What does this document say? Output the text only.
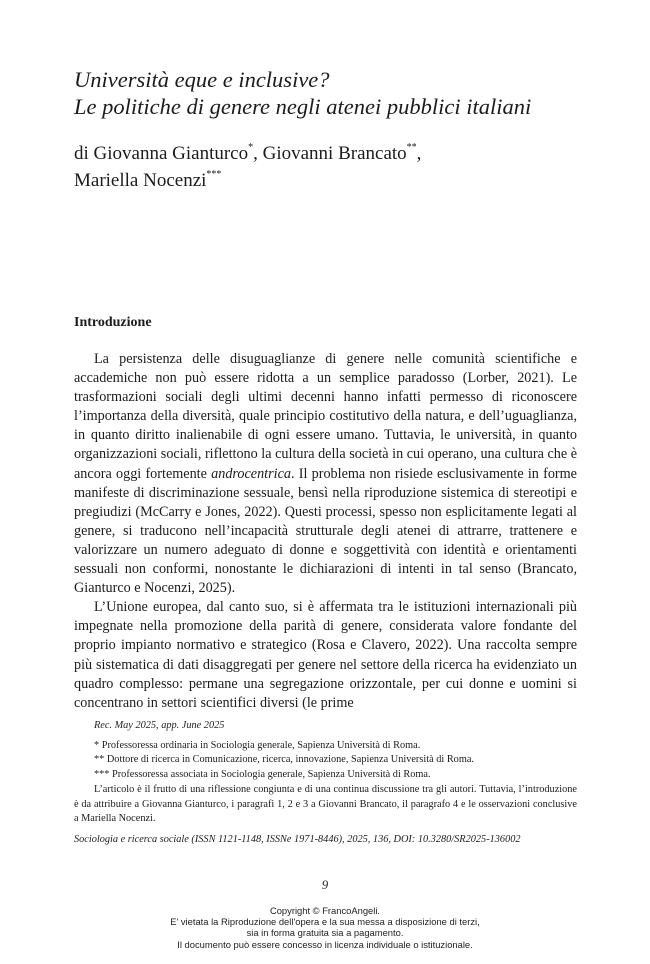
Università eque e inclusive?
Le politiche di genere negli atenei pubblici italiani
di Giovanna Gianturco*, Giovanni Brancato**,
Mariella Nocenzi***
Introduzione

La persistenza delle disuguaglianze di genere nelle comunità scientifiche e accademiche non può essere ridotta a un semplice paradosso (Lorber, 2021). Le trasformazioni sociali degli ultimi decenni hanno infatti permesso di riconoscere l’importanza della diversità, quale principio costitutivo della natura, e dell’uguaglianza, in quanto diritto inalienabile di ogni essere umano. Tuttavia, le università, in quanto organizzazioni sociali, riflettono la cultura della società in cui operano, una cultura che è ancora oggi fortemente androcentrica. Il problema non risiede esclusivamente in forme manifeste di discriminazione sessuale, bensì nella riproduzione sistemica di stereotipi e pregiudizi (McCarry e Jones, 2022). Questi processi, spesso non esplicitamente legati al genere, si traducono nell’incapacità strutturale degli atenei di attrarre, trattenere e valorizzare un numero adeguato di donne e soggettività con identità e orientamenti sessuali non conformi, nonostante le dichiarazioni di intenti in tal senso (Brancato, Gianturco e Nocenzi, 2025).

L’Unione europea, dal canto suo, si è affermata tra le istituzioni internazionali più impegnate nella promozione della parità di genere, considerata valore fondante del proprio impianto normativo e strategico (Rosa e Clavero, 2022). Una raccolta sempre più sistematica di dati disaggregati per genere nel settore della ricerca ha evidenziato un quadro complesso: permane una segregazione orizzontale, per cui donne e uomini si concentrano in settori scientifici diversi (le prime

Rec. May 2025, app. June 2025
* Professoressa ordinaria in Sociologia generale, Sapienza Università di Roma.
** Dottore di ricerca in Comunicazione, ricerca, innovazione, Sapienza Università di Roma.
*** Professoressa associata in Sociologia generale, Sapienza Università di Roma.
L’articolo è il frutto di una riflessione congiunta e di una continua discussione tra gli autori. Tuttavia, l’introduzione è da attribuire a Giovanna Gianturco, i paragrafi 1, 2 e 3 a Giovanni Brancato, il paragrafo 4 e le osservazioni conclusive a Mariella Nocenzi.
Sociologia e ricerca sociale (ISSN 1121-1148, ISSNe 1971-8446), 2025, 136, DOI: 10.3280/SR2025-136002
9
Copyright © FrancoAngeli.
E’ vietata la Riproduzione dell'opera e la sua messa a disposizione di terzi,
sia in forma gratuita sia a pagamento.
Il documento può essere concesso in licenza individuale o istituzionale.
